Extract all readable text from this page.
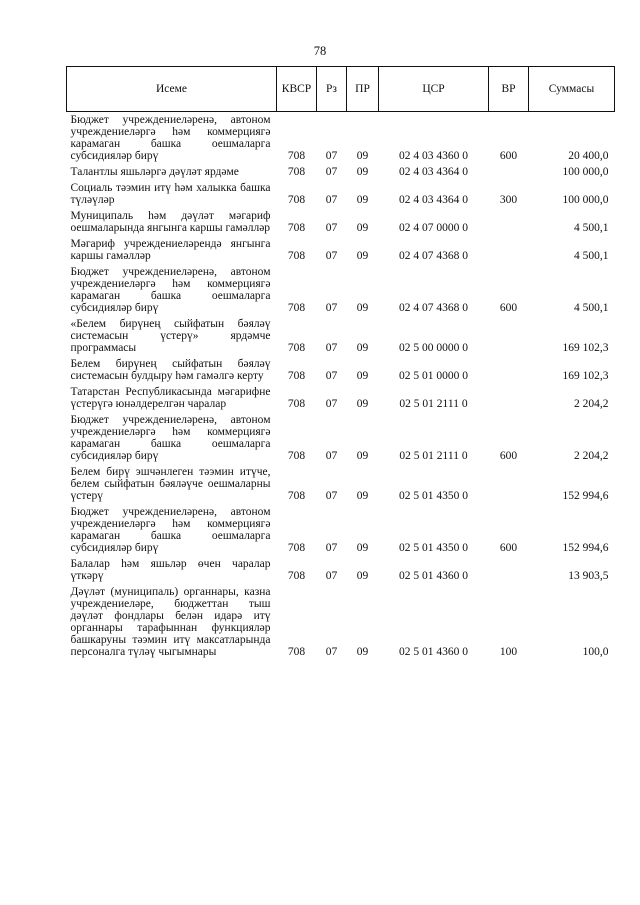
78
Исеме	КВСР	Рз	ПР	ЦСР	ВР	Суммасы
Бюджет учреждениеләренә, автоном учреждениеләргә һәм коммерциягә карамаган башка оешмаларга субсидияләр бирү	708	07	09	02 4 03 4360 0	600	20 400,0
Талантлы яшьләргә дәүләт ярдәме	708	07	09	02 4 03 4364 0		100 000,0
Социаль тәэмин итү һәм халыкка башка түләүләр	708	07	09	02 4 03 4364 0	300	100 000,0
Муниципаль һәм дәүләт мәгариф оешмаларында янгынга каршы гамәлләр	708	07	09	02 4 07 0000 0		4 500,1
Мәгариф учреждениеләрендә янгынга каршы гамәлләр	708	07	09	02 4 07 4368 0		4 500,1
Бюджет учреждениеләренә, автоном учреждениеләргә һәм коммерциягә карамаган башка оешмаларга субсидияләр бирү	708	07	09	02 4 07 4368 0	600	4 500,1
«Белем бирүнең сыйфатын бәяләү системасын үстерү» ярдәмче программасы	708	07	09	02 5 00 0000 0		169 102,3
Белем бирүнең сыйфатын бәяләү системасын булдыру һәм гамәлгә керту	708	07	09	02 5 01 0000 0		169 102,3
Татарстан Республикасында мәгарифне үстерүгә юнәлдерелгән чаралар	708	07	09	02 5 01 2111 0		2 204,2
Бюджет учреждениеләренә, автоном учреждениеләргә һәм коммерциягә карамаган башка оешмаларга субсидияләр бирү	708	07	09	02 5 01 2111 0	600	2 204,2
Белем бирү эшчәнлеген тәэмин итүче, белем сыйфатын бәяләүче оешмаларны үстерү	708	07	09	02 5 01 4350 0		152 994,6
Бюджет учреждениеләренә, автоном учреждениеләргә һәм коммерциягә карамаган башка оешмаларга субсидияләр бирү	708	07	09	02 5 01 4350 0	600	152 994,6
Балалар һәм яшьләр өчен чаралар үткәрү	708	07	09	02 5 01 4360 0		13 903,5
Дәүләт (муниципаль) органнары, казна учреждениеләре, бюджеттан тыш дәүләт фондлары белән идарә итү органнары тарафыннан функцияләр башкаруны тәэмин итү максатларында персоналга түләү чыгымнары	708	07	09	02 5 01 4360 0	100	100,0
